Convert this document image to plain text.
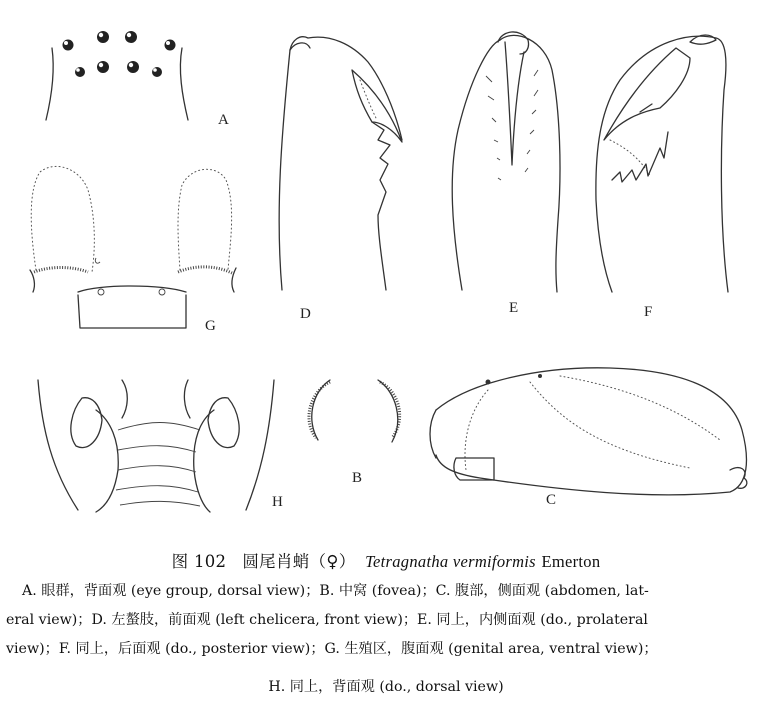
A
G
D	E	F
H
B
C
图 102 圆尾肖蛸（♀） Tetragnatha vermiformis Emerton
A. 眼群，背面观 (eye group, dorsal view)；B. 中窝 (fovea)；C. 腹部，侧面观 (abdomen, lat-
eral view)；D. 左螯肢，前面观 (left chelicera, front view)；E. 同上，内侧面观 (do., prolateral
view)；F. 同上，后面观 (do., posterior view)；G. 生殖区，腹面观 (genital area, ventral view)；
H. 同上，背面观 (do., dorsal view)
